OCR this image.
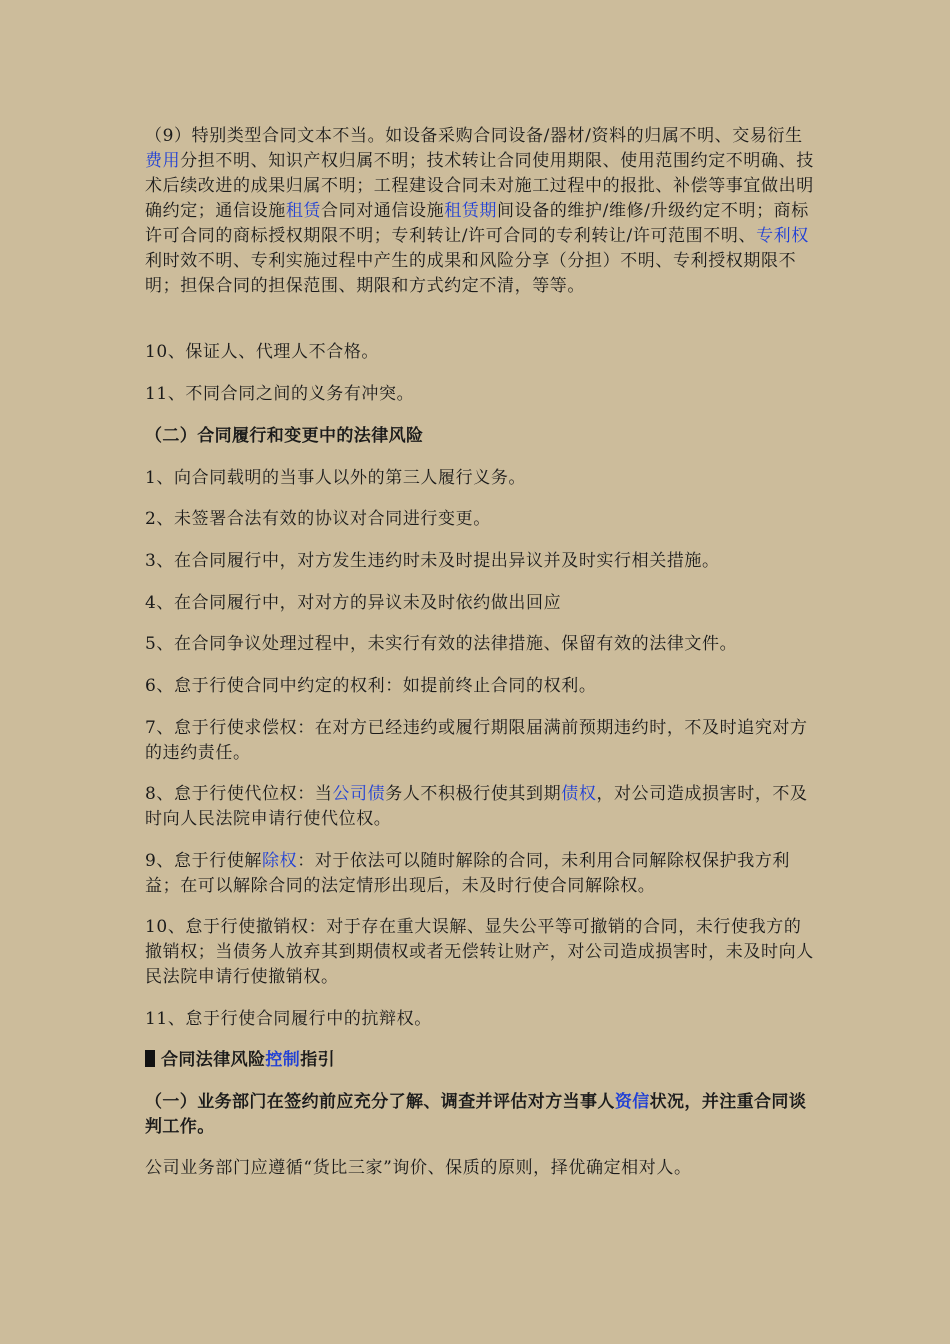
（9）特别类型合同文本不当。如设备采购合同设备/器材/资料的归属不明、交易衍生费用分担不明、知识产权归属不明；技术转让合同使用期限、使用范围约定不明确、技术后续改进的成果归属不明；工程建设合同未对施工过程中的报批、补偿等事宜做出明确约定；通信设施租赁合同对通信设施租赁期间设备的维护/维修/升级约定不明；商标许可合同的商标授权期限不明；专利转让/许可合同的专利转让/许可范围不明、专利权利时效不明、专利实施过程中产生的成果和风险分享（分担）不明、专利授权期限不明；担保合同的担保范围、期限和方式约定不清，等等。

10、保证人、代理人不合格。

11、不同合同之间的义务有冲突。

（二）合同履行和变更中的法律风险

1、向合同载明的当事人以外的第三人履行义务。

2、未签署合法有效的协议对合同进行变更。

3、在合同履行中，对方发生违约时未及时提出异议并及时实行相关措施。

4、在合同履行中，对对方的异议未及时依约做出回应

5、在合同争议处理过程中，未实行有效的法律措施、保留有效的法律文件。

6、怠于行使合同中约定的权利：如提前终止合同的权利。

7、怠于行使求偿权：在对方已经违约或履行期限届满前预期违约时，不及时追究对方的违约责任。

8、怠于行使代位权：当公司债务人不积极行使其到期债权，对公司造成损害时，不及时向人民法院申请行使代位权。

9、怠于行使解除权：对于依法可以随时解除的合同，未利用合同解除权保护我方利益；在可以解除合同的法定情形出现后，未及时行使合同解除权。

10、怠于行使撤销权：对于存在重大误解、显失公平等可撤销的合同，未行使我方的撤销权；当债务人放弃其到期债权或者无偿转让财产，对公司造成损害时，未及时向人民法院申请行使撤销权。

11、怠于行使合同履行中的抗辩权。

合同法律风险控制指引

（一）业务部门在签约前应充分了解、调查并评估对方当事人资信状况，并注重合同谈判工作。

公司业务部门应遵循“货比三家”询价、保质的原则，择优确定相对人。
